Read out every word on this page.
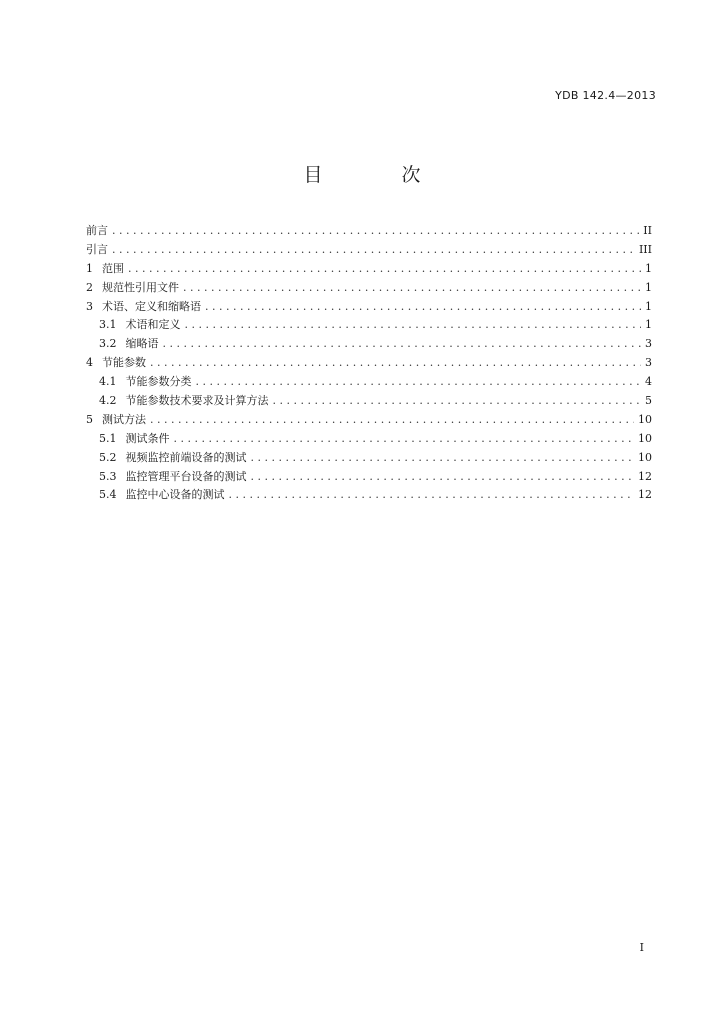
YDB 142.4—2013
目　次
前言 . . .	II
引言 . . .	III
1 范围 . . .	1
2 规范性引用文件 . . .	1
3 术语、定义和缩略语 . . .	1
3.1 术语和定义 . . .	1
3.2 缩略语 . . .	3
4 节能参数 . . .	3
4.1 节能参数分类 . . .	4
4.2 节能参数技术要求及计算方法 . . .	5
5 测试方法 . . .	10
5.1 测试条件 . . .	10
5.2 视频监控前端设备的测试 . . .	10
5.3 监控管理平台设备的测试 . . .	12
5.4 监控中心设备的测试 . . .	12
I
